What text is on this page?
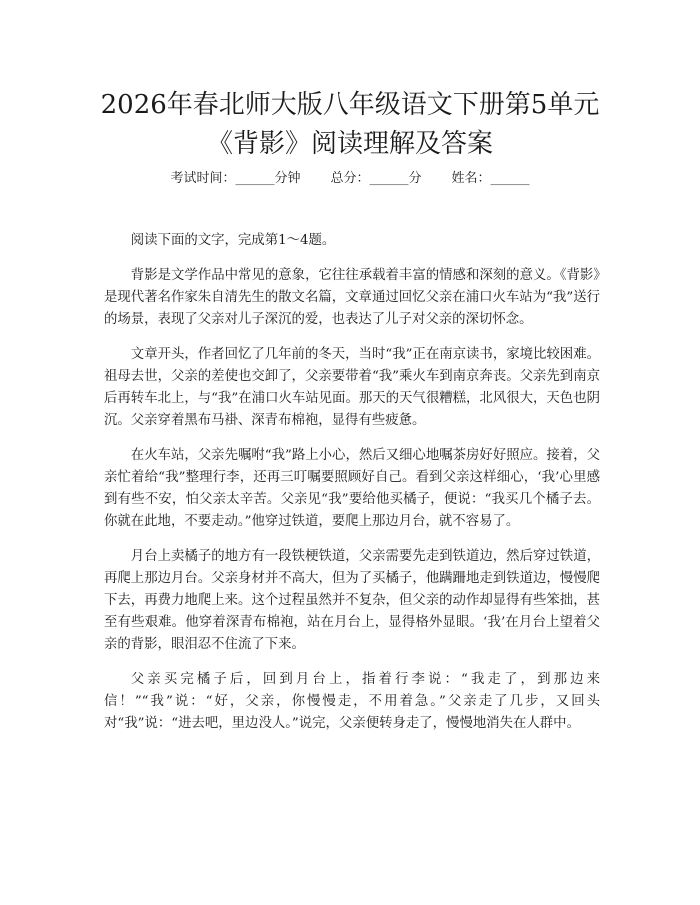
2026年春北师大版八年级语文下册第5单元
《背影》阅读理解及答案
考试时间：______分钟 总分：______分 姓名：______

阅读下面的文字，完成第1～4题。

背影是文学作品中常见的意象，它往往承载着丰富的情感和深刻的意义。《背影》是现代著名作家朱自清先生的散文名篇，文章通过回忆父亲在浦口火车站为“我”送行的场景，表现了父亲对儿子深沉的爱，也表达了儿子对父亲的深切怀念。

文章开头，作者回忆了几年前的冬天，当时“我”正在南京读书，家境比较困难。祖母去世，父亲的差使也交卸了，父亲要带着“我”乘火车到南京奔丧。父亲先到南京后再转车北上，与“我”在浦口火车站见面。那天的天气很糟糕，北风很大，天色也阴沉。父亲穿着黑布马褂、深青布棉袍，显得有些疲惫。

在火车站，父亲先嘱咐“我”路上小心，然后又细心地嘱茶房好好照应。接着，父亲忙着给“我”整理行李，还再三叮嘱要照顾好自己。看到父亲这样细心，‘我’心里感到有些不安，怕父亲太辛苦。父亲见“我”要给他买橘子，便说：“我买几个橘子去。你就在此地，不要走动。”他穿过铁道，要爬上那边月台，就不容易了。

月台上卖橘子的地方有一段铁梗铁道，父亲需要先走到铁道边，然后穿过铁道，再爬上那边月台。父亲身材并不高大，但为了买橘子，他蹒跚地走到铁道边，慢慢爬下去，再费力地爬上来。这个过程虽然并不复杂，但父亲的动作却显得有些笨拙，甚至有些艰难。他穿着深青布棉袍，站在月台上，显得格外显眼。‘我’在月台上望着父亲的背影，眼泪忍不住流了下来。

父亲买完橘子后，回到月台上，指着行李说：“我走了，到那边来信！”“我”说：“好，父亲，你慢慢走，不用着急。”父亲走了几步，又回头对“我”说：“进去吧，里边没人。”说完，父亲便转身走了，慢慢地消失在人群中。
